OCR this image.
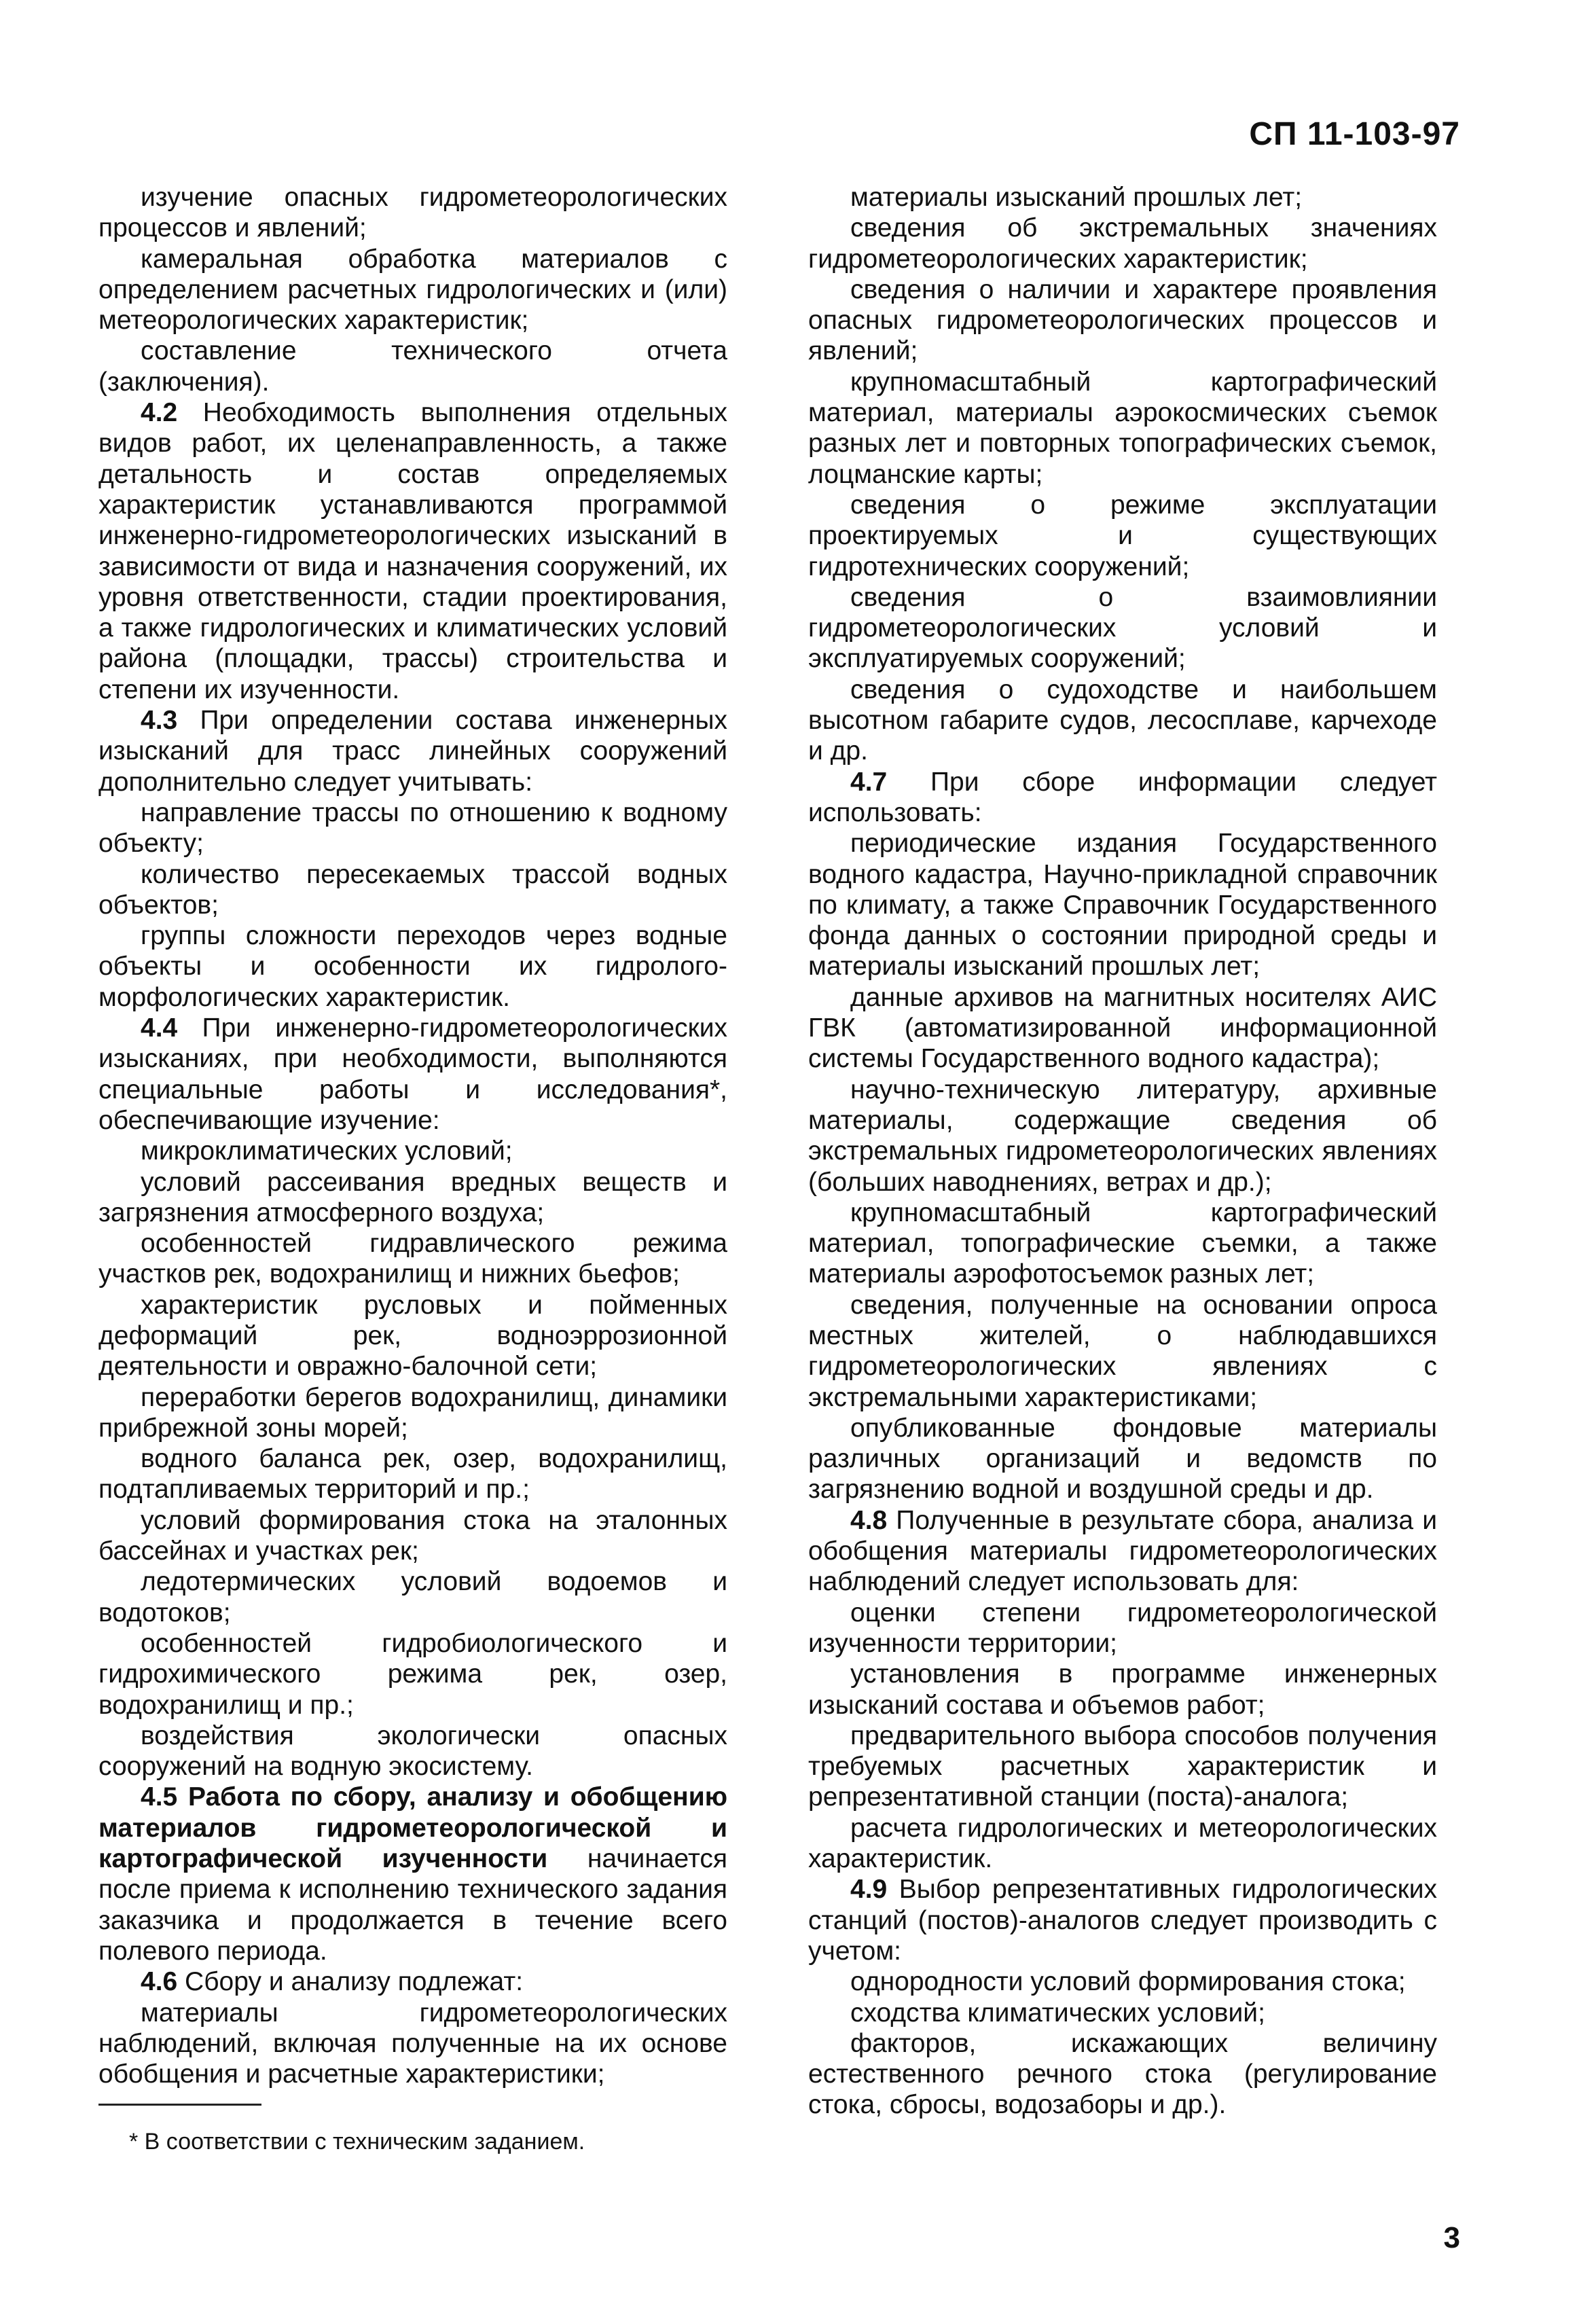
СП 11-103-97

изучение опасных гидрометеорологических процессов и явлений;

камеральная обработка материалов с определением расчетных гидрологических и (или) метеорологических характеристик;

составление технического отчета (заключения).

4.2 Необходимость выполнения отдельных видов работ, их целенаправленность, а также детальность и состав определяемых характеристик устанавливаются программой инженерно-гидрометеорологических изысканий в зависимости от вида и назначения сооружений, их уровня ответственности, стадии проектирования, а также гидрологических и климатических условий района (площадки, трассы) строительства и степени их изученности.

4.3 При определении состава инженерных изысканий для трасс линейных сооружений дополнительно следует учитывать:

направление трассы по отношению к водному объекту;

количество пересекаемых трассой водных объектов;

группы сложности переходов через водные объекты и особенности их гидролого-морфологических характеристик.

4.4 При инженерно-гидрометеорологических изысканиях, при необходимости, выполняются специальные работы и исследования*, обеспечивающие изучение:

микроклиматических условий;

условий рассеивания вредных веществ и загрязнения атмосферного воздуха;

особенностей гидравлического режима участков рек, водохранилищ и нижних бьефов;

характеристик русловых и пойменных деформаций рек, водноэррозионной деятельности и овражно-балочной сети;

переработки берегов водохранилищ, динамики прибрежной зоны морей;

водного баланса рек, озер, водохранилищ, подтапливаемых территорий и пр.;

условий формирования стока на эталонных бассейнах и участках рек;

ледотермических условий водоемов и водотоков;

особенностей гидробиологического и гидрохимического режима рек, озер, водохранилищ и пр.;

воздействия экологически опасных сооружений на водную экосистему.

4.5 Работа по сбору, анализу и обобщению материалов гидрометеорологической и картографической изученности начинается после приема к исполнению технического задания заказчика и продолжается в течение всего полевого периода.

4.6 Сбору и анализу подлежат:

материалы гидрометеорологических наблюдений, включая полученные на их основе обобщения и расчетные характеристики;

материалы изысканий прошлых лет;

сведения об экстремальных значениях гидрометеорологических характеристик;

сведения о наличии и характере проявления опасных гидрометеорологических процессов и явлений;

крупномасштабный картографический материал, материалы аэрокосмических съемок разных лет и повторных топографических съемок, лоцманские карты;

сведения о режиме эксплуатации проектируемых и существующих гидротехнических сооружений;

сведения о взаимовлиянии гидрометеорологических условий и эксплуатируемых сооружений;

сведения о судоходстве и наибольшем высотном габарите судов, лесосплаве, карчеходе и др.

4.7 При сборе информации следует использовать:

периодические издания Государственного водного кадастра, Научно-прикладной справочник по климату, а также Справочник Государственного фонда данных о состоянии природной среды и материалы изысканий прошлых лет;

данные архивов на магнитных носителях АИС ГВК (автоматизированной информационной системы Государственного водного кадастра);

научно-техническую литературу, архивные материалы, содержащие сведения об экстремальных гидрометеорологических явлениях (больших наводнениях, ветрах и др.);

крупномасштабный картографический материал, топографические съемки, а также материалы аэрофотосъемок разных лет;

сведения, полученные на основании опроса местных жителей, о наблюдавшихся гидрометеорологических явлениях с экстремальными характеристиками;

опубликованные фондовые материалы различных организаций и ведомств по загрязнению водной и воздушной среды и др.

4.8 Полученные в результате сбора, анализа и обобщения материалы гидрометеорологических наблюдений следует использовать для:

оценки степени гидрометеорологической изученности территории;

установления в программе инженерных изысканий состава и объемов работ;

предварительного выбора способов получения требуемых расчетных характеристик и репрезентативной станции (поста)-аналога;

расчета гидрологических и метеорологических характеристик.

4.9 Выбор репрезентативных гидрологических станций (постов)-аналогов следует производить с учетом:

однородности условий формирования стока;

сходства климатических условий;

факторов, искажающих величину естественного речного стока (регулирование стока, сбросы, водозаборы и др.).

* В соответствии с техническим заданием.
3
